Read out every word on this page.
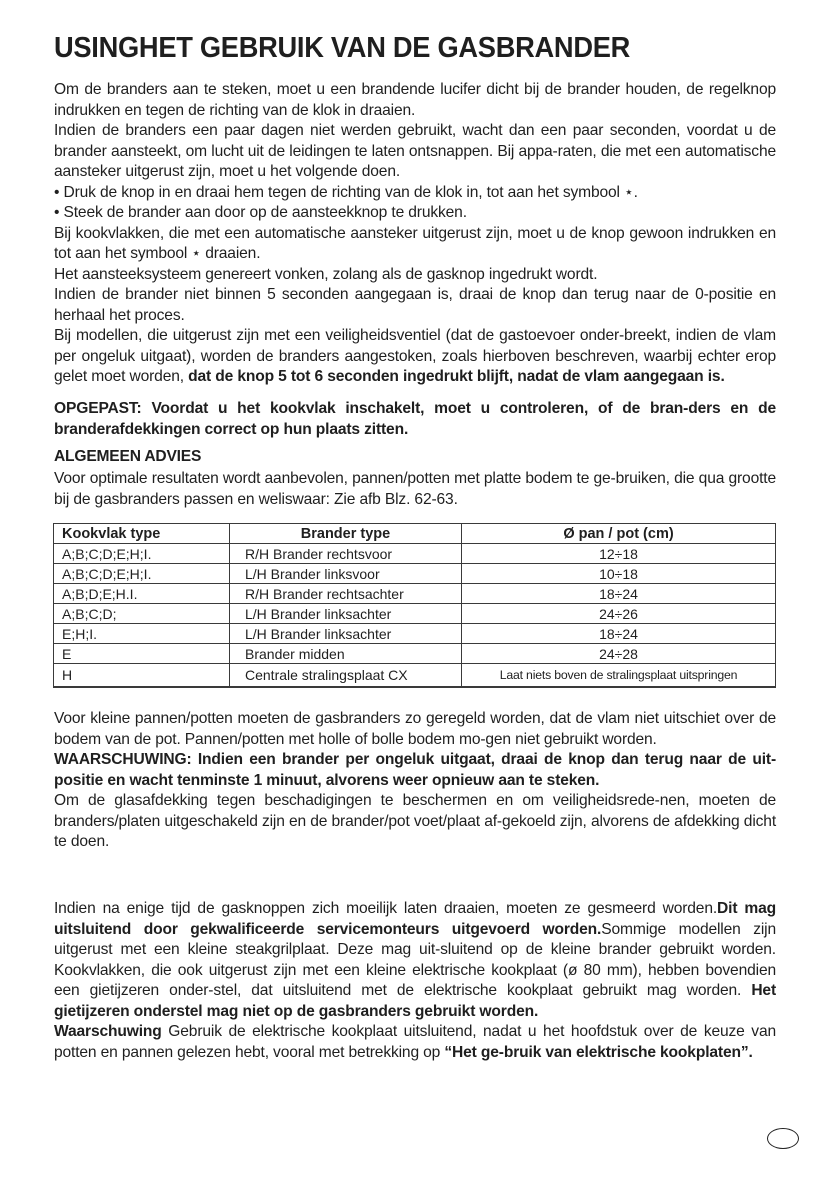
USINGHET GEBRUIK VAN DE GASBRANDER

Om de branders aan te steken, moet u een brandende lucifer dicht bij de brander houden, de regelknop indrukken en tegen de richting van de klok in draaien.

Indien de branders een paar dagen niet werden gebruikt, wacht dan een paar seconden, voordat u de brander aansteekt, om lucht uit de leidingen te laten ontsnappen. Bij appa-raten, die met een automatische aansteker uitgerust zijn, moet u het volgende doen.

• Druk de knop in en draai hem tegen de richting van de klok in, tot aan het symbool ⋆.

• Steek de brander aan door op de aansteekknop te drukken.

Bij kookvlakken, die met een automatische aansteker uitgerust zijn, moet u de knop gewoon indrukken en tot aan het symbool ⋆ draaien.

Het aansteeksysteem genereert vonken, zolang als de gasknop ingedrukt wordt.

Indien de brander niet binnen 5 seconden aangegaan is, draai de knop dan terug naar de 0-positie en herhaal het proces.

Bij modellen, die uitgerust zijn met een veiligheidsventiel (dat de gastoevoer onder-breekt, indien de vlam per ongeluk uitgaat), worden de branders aangestoken, zoals hierboven beschreven, waarbij echter erop gelet moet worden, dat de knop 5 tot 6 seconden ingedrukt blijft, nadat de vlam aangegaan is.

OPGEPAST: Voordat u het kookvlak inschakelt, moet u controleren, of de bran-ders en de branderafdekkingen correct op hun plaats zitten.
ALGEMEEN ADVIES
Voor optimale resultaten wordt aanbevolen, pannen/potten met platte bodem te ge-bruiken, die qua grootte bij de gasbranders passen en weliswaar: Zie afb Blz. 62-63.
Kookvlak type	Brander type	Ø pan / pot (cm)
A;B;C;D;E;H;I.	R/H Brander rechtsvoor	12÷18
A;B;C;D;E;H;I.	L/H Brander linksvoor	10÷18
A;B;D;E;H.I.	R/H Brander rechtsachter	18÷24
A;B;C;D;	L/H Brander linksachter	24÷26
E;H;I.	L/H Brander linksachter	18÷24
E	Brander midden	24÷28
H	Centrale stralingsplaat CX	Laat niets boven de stralingsplaat uitspringen

Voor kleine pannen/potten moeten de gasbranders zo geregeld worden, dat de vlam niet uitschiet over de bodem van de pot. Pannen/potten met holle of bolle bodem mo-gen niet gebruikt worden.

WAARSCHUWING: Indien een brander per ongeluk uitgaat, draai de knop dan terug naar de uit-positie en wacht tenminste 1 minuut, alvorens weer opnieuw aan te steken.

Om de glasafdekking tegen beschadigingen te beschermen en om veiligheidsrede-nen, moeten de branders/platen uitgeschakeld zijn en de brander/pot voet/plaat af-gekoeld zijn, alvorens de afdekking dicht te doen.

Indien na enige tijd de gasknoppen zich moeilijk laten draaien, moeten ze gesmeerd worden.Dit mag uitsluitend door gekwalificeerde servicemonteurs uitgevoerd worden.Sommige modellen zijn uitgerust met een kleine steakgrilplaat. Deze mag uit-sluitend op de kleine brander gebruikt worden. Kookvlakken, die ook uitgerust zijn met een kleine elektrische kookplaat (ø 80 mm), hebben bovendien een gietijzeren onder-stel, dat uitsluitend met de elektrische kookplaat gebruikt mag worden. Het gietijzeren onderstel mag niet op de gasbranders gebruikt worden.

Waarschuwing Gebruik de elektrische kookplaat uitsluitend, nadat u het hoofdstuk over de keuze van potten en pannen gelezen hebt, vooral met betrekking op “Het ge-bruik van elektrische kookplaten”.
